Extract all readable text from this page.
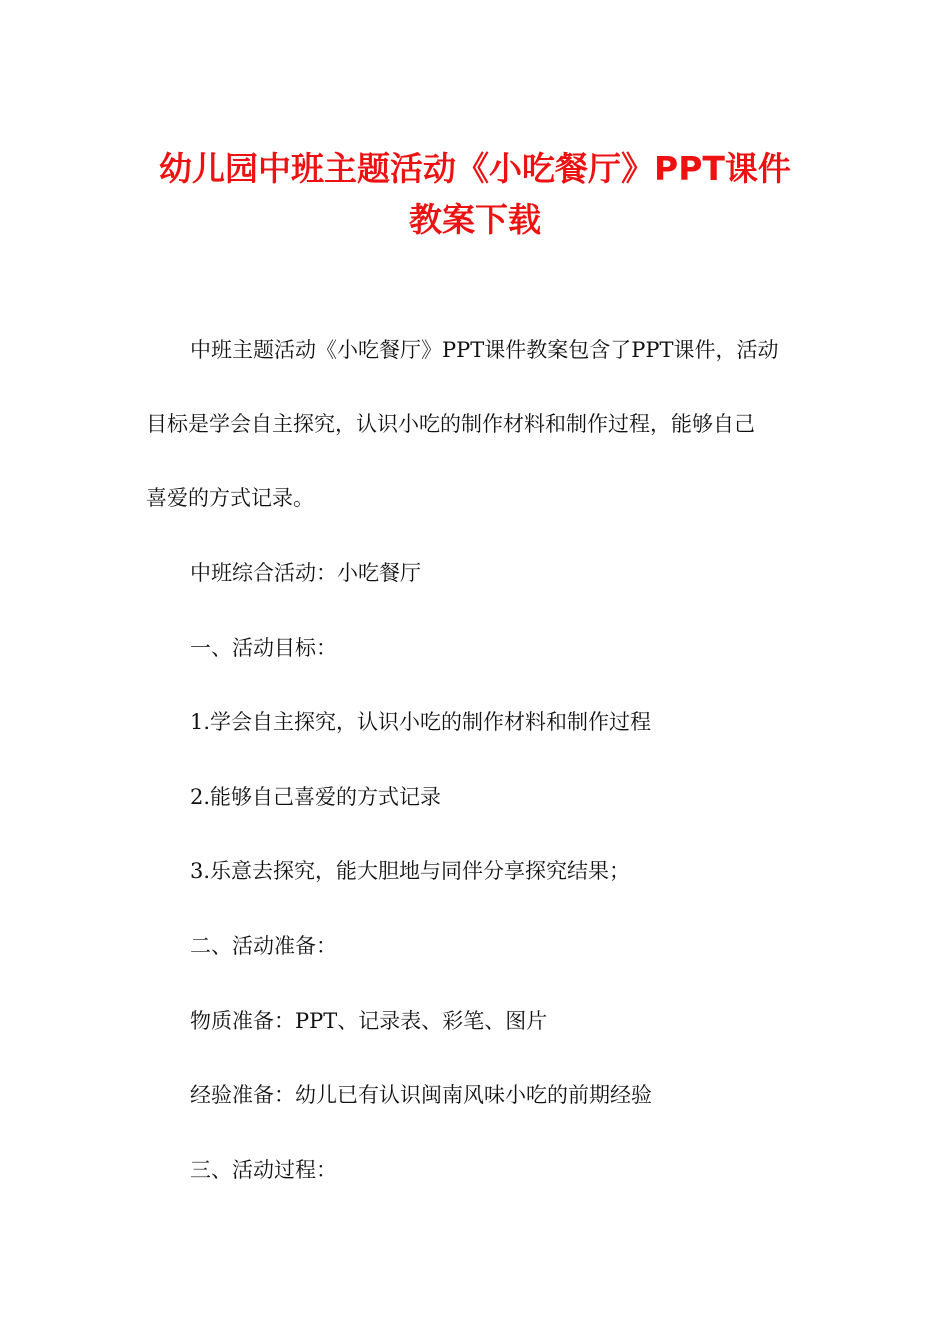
幼儿园中班主题活动《小吃餐厅》PPT课件
教案下载
中班主题活动《小吃餐厅》PPT课件教案包含了PPT课件，活动
目标是学会自主探究，认识小吃的制作材料和制作过程，能够自己
喜爱的方式记录。
中班综合活动：小吃餐厅
一、活动目标：
1.学会自主探究，认识小吃的制作材料和制作过程
2.能够自己喜爱的方式记录
3.乐意去探究，能大胆地与同伴分享探究结果；
二、活动准备：
物质准备：PPT、记录表、彩笔、图片
经验准备：幼儿已有认识闽南风味小吃的前期经验
三、活动过程：
